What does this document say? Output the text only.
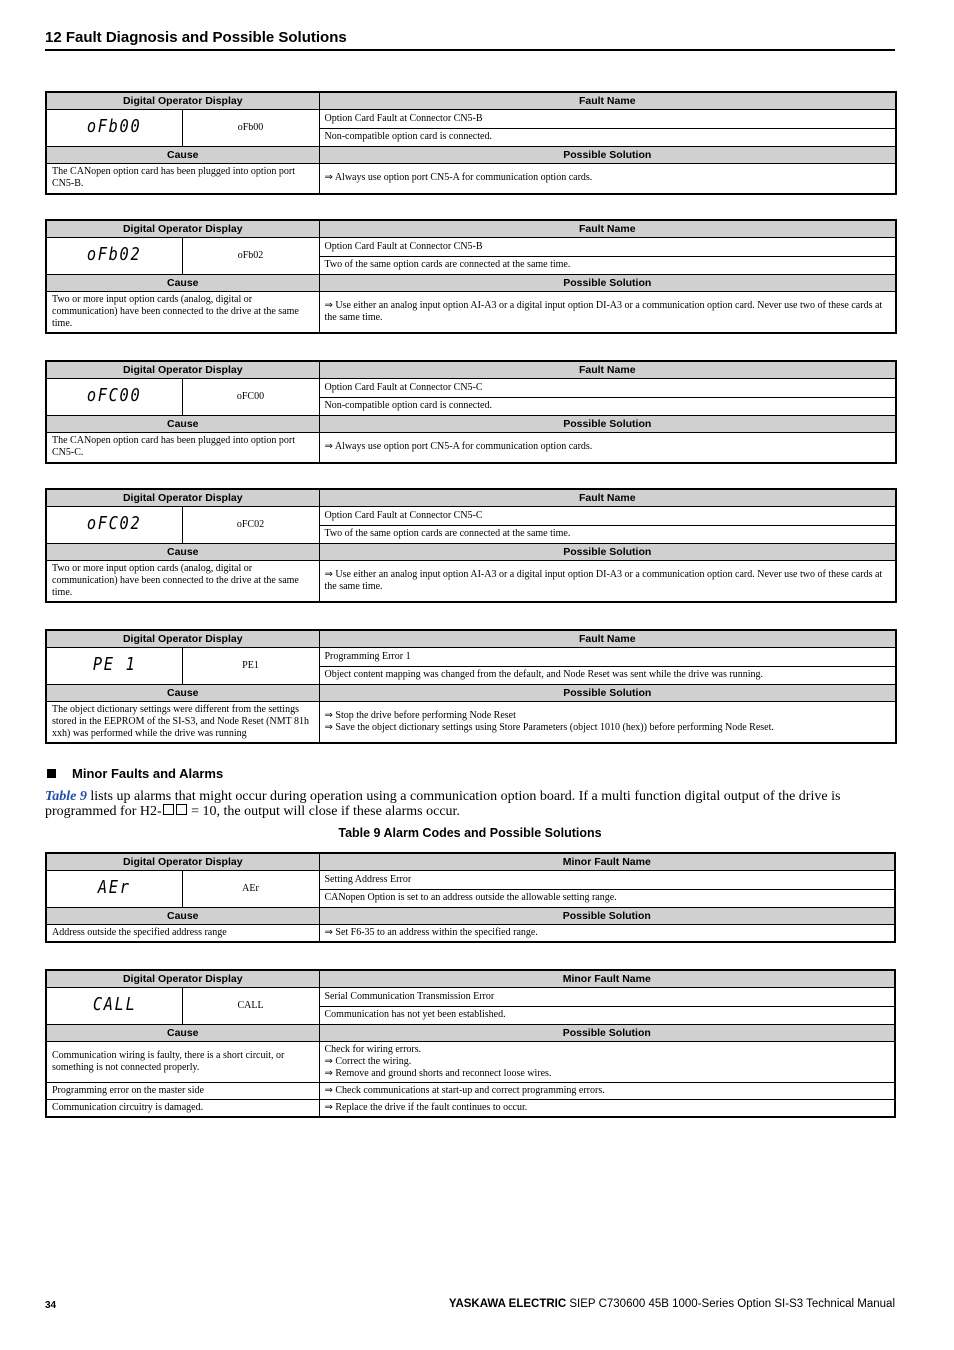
12 Fault Diagnosis and Possible Solutions
Digital Operator Display		Fault Name
oFb00	oFb00	Option Card Fault at Connector CN5-B
		Non-compatible option card is connected.
Cause		Possible Solution
The CANopen option card has been plugged into option port CN5-B.		⇒ Always use option port CN5-A for communication option cards.
Digital Operator Display		Fault Name
oFb02	oFb02	Option Card Fault at Connector CN5-B
		Two of the same option cards are connected at the same time.
Cause		Possible Solution
Two or more input option cards (analog, digital or communication) have been connected to the drive at the same time.		⇒ Use either an analog input option AI-A3 or a digital input option DI-A3 or a communication option card. Never use two of these cards at the same time.
Digital Operator Display		Fault Name
oFC00	oFC00	Option Card Fault at Connector CN5-C
		Non-compatible option card is connected.
Cause		Possible Solution
The CANopen option card has been plugged into option port CN5-C.		⇒ Always use option port CN5-A for communication option cards.
Digital Operator Display		Fault Name
oFC02	oFC02	Option Card Fault at Connector CN5-C
		Two of the same option cards are connected at the same time.
Cause		Possible Solution
Two or more input option cards (analog, digital or communication) have been connected to the drive at the same time.		⇒ Use either an analog input option AI-A3 or a digital input option DI-A3 or a communication option card. Never use two of these cards at the same time.
Digital Operator Display		Fault Name
PE 1	PE1	Programming Error 1
		Object content mapping was changed from the default, and Node Reset was sent while the drive was running.
Cause		Possible Solution
The object dictionary settings were different from the settings stored in the EEPROM of the SI-S3, and Node Reset (NMT 81h xxh) was performed while the drive was running		⇒ Stop the drive before performing Node Reset
⇒ Save the object dictionary settings using Store Parameters (object 1010 (hex)) before performing Node Reset.
Minor Faults and Alarms
Table 9 lists up alarms that might occur during operation using a communication option board. If a multi function digital output of the drive is
programmed for H2- = 10, the output will close if these alarms occur.
Table 9 Alarm Codes and Possible Solutions
Digital Operator Display		Minor Fault Name
AEr	AEr	Setting Address Error
		CANopen Option is set to an address outside the allowable setting range.
Cause		Possible Solution
Address outside the specified address range		⇒ Set F6-35 to an address within the specified range.
Digital Operator Display		Minor Fault Name
CALL	CALL	Serial Communication Transmission Error
		Communication has not yet been established.
Cause		Possible Solution
Communication wiring is faulty, there is a short circuit, or something is not connected properly.		Check for wiring errors.
⇒ Correct the wiring.
⇒ Remove and ground shorts and reconnect loose wires.

Programming error on the master side		⇒ Check communications at start-up and correct programming errors.
Communication circuitry is damaged.		⇒ Replace the drive if the fault continues to occur.
34	YASKAWA ELECTRIC SIEP C730600 45B 1000-Series Option SI-S3 Technical Manual
